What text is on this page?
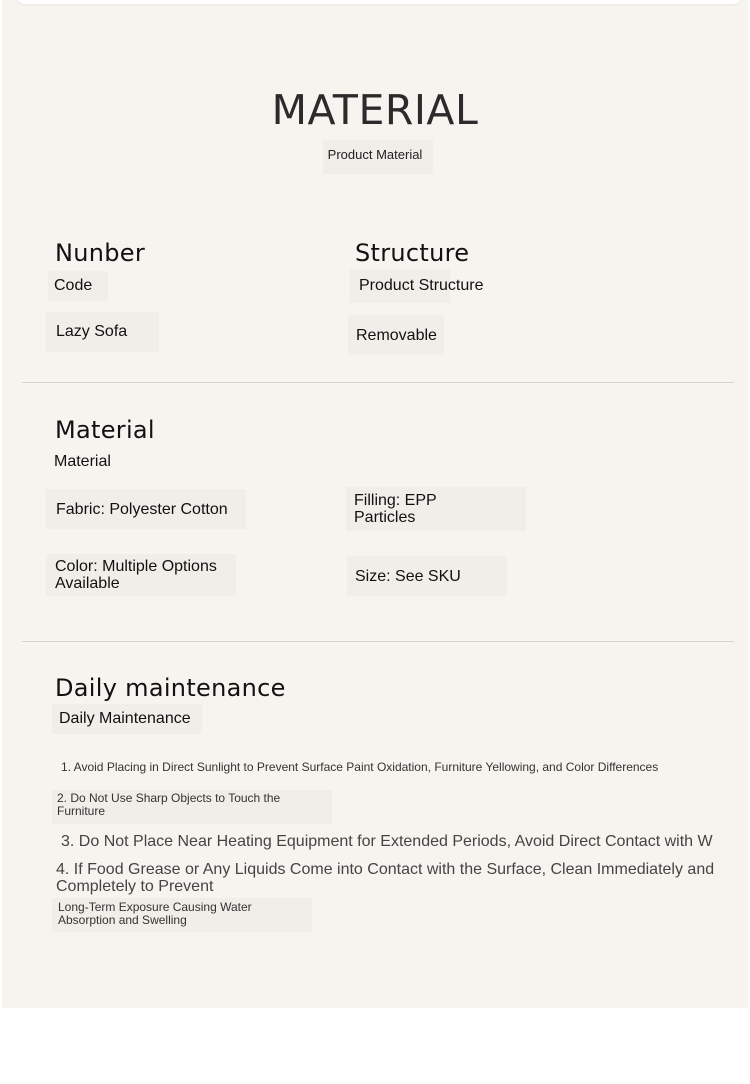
MATERIAL
Product Material
Nunber
Code
Lazy Sofa
Structure
Product Structure
Removable
Material
Material
Fabric: Polyester Cotton
Filling: EPP
Particles
Color: Multiple Options
Available	Size: See SKU
Daily maintenance
Daily Maintenance
1. Avoid Placing in Direct Sunlight to Prevent Surface Paint Oxidation, Furniture Yellowing, and Color Differences
2. Do Not Use Sharp Objects to Touch the
Furniture
3. Do Not Place Near Heating Equipment for Extended Periods, Avoid Direct Contact with W
4. If Food Grease or Any Liquids Come into Contact with the Surface, Clean Immediately and
Completely to Prevent
Long-Term Exposure Causing Water
Absorption and Swelling
